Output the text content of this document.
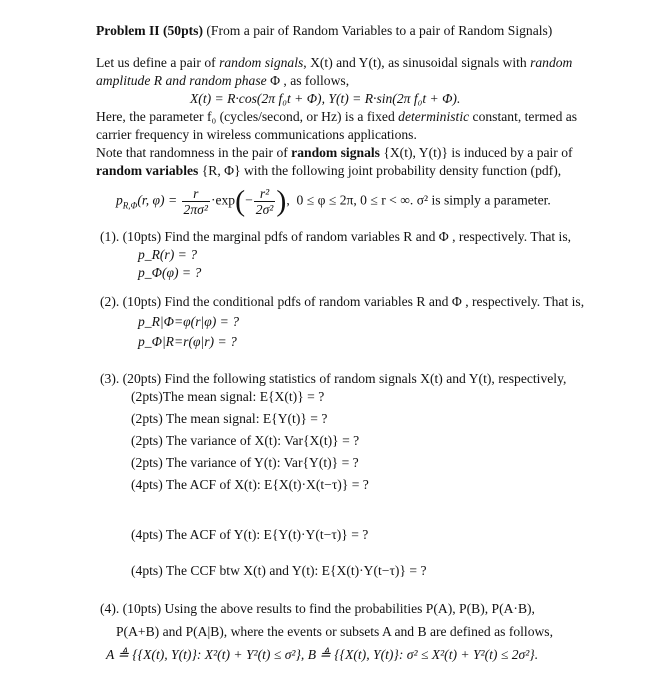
Problem II (50pts) (From a pair of Random Variables to a pair of Random Signals)
Let us define a pair of random signals, X(t) and Y(t), as sinusoidal signals with random
amplitude R and random phase Φ , as follows,
X(t) = R·cos(2π f₀t + Φ), Y(t) = R·sin(2π f₀t + Φ).
Here, the parameter f₀ (cycles/second, or Hz) is a fixed deterministic constant, termed as
carrier frequency in wireless communications applications.
Note that randomness in the pair of random signals {X(t), Y(t)} is induced by a pair of
random variables {R, Φ} with the following joint probability density function (pdf),
$p_{R,\Phi}(r$, $\varphi) = \frac{r}{\text{2πσ²}} \cdot\exp(- \frac{\text{r²}}{\text{2σ²}}$ ),  0 ≤ φ ≤ 2π, 0 ≤ r < ∞. σ² is simply a parameter.
(1). (10pts) Find the marginal pdfs of random variables R and Φ , respectively. That is,
p_R(r) = ?
p_Φ(φ) = ?
(2). (10pts) Find the conditional pdfs of random variables R and Φ , respectively. That is,
p_R|Φ=φ(r|φ) = ?
p_Φ|R=r(φ|r) = ?
(3). (20pts) Find the following statistics of random signals X(t) and Y(t), respectively,
(2pts)The mean signal: E{X(t)} = ?
(2pts) The mean signal: E{Y(t)} = ?
(2pts) The variance of X(t): Var{X(t)} = ?
(2pts) The variance of Y(t): Var{Y(t)} = ?
(4pts) The ACF of X(t): E{X(t)·X(t−τ)} = ?
(4pts) The ACF of Y(t): E{Y(t)·Y(t−τ)} = ?
(4pts) The CCF btw X(t) and Y(t): E{X(t)·Y(t−τ)} = ?
(4). (10pts) Using the above results to find the probabilities P(A), P(B), P(A·B),
P(A+B) and P(A|B), where the events or subsets A and B are defined as follows,
A ≜ {{X(t), Y(t)}: X²(t) + Y²(t) ≤ σ²}, B ≜ {{X(t), Y(t)}: σ² ≤ X²(t) + Y²(t) ≤ 2σ²}.
